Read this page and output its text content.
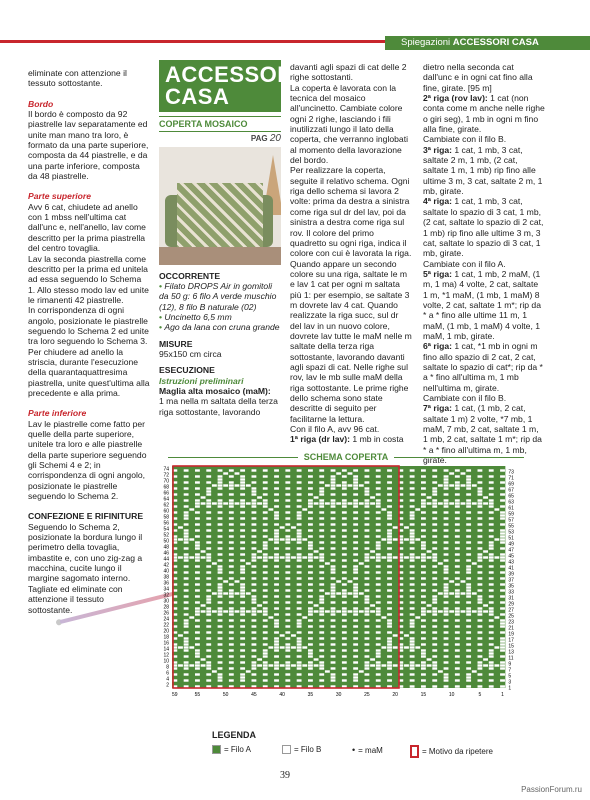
Spiegazioni ACCESSORI CASA

eliminate con attenzione il tessuto sottostante.

Bordo

Il bordo è composto da 92 piastrelle lav separatamente ed unite man mano tra loro, è formato da una parte superiore, composta da 44 piastrelle, e da una parte inferiore, composta da 48 piastrelle.

Parte superiore

Avv 6 cat, chiudete ad anello con 1 mbss nell'ultima cat dall'unc e, nell'anello, lav come descritto per la prima piastrella del centro tovaglia.

Lav la seconda piastrella come descritto per la prima ed unitela ad essa seguendo lo Schema 1. Allo stesso modo lav ed unite le rimanenti 42 piastrelle.

In corrispondenza di ogni angolo, posizionate le piastrelle seguendo lo Schema 2 ed unite tra loro seguendo lo Schema 3.

Per chiudere ad anello la striscia, durante l'esecuzione della quarantaquattresima piastrella, unite quest'ultima alla precedente e alla prima.

Parte inferiore

Lav le piastrelle come fatto per quelle della parte superiore, unitele tra loro e alle piastrelle della parte superiore seguendo gli Schemi 4 e 2; in corrispondenza di ogni angolo, posizionate le piastrelle seguendo lo Schema 2.

CONFEZIONE E RIFINITURE

Seguendo lo Schema 2, posizionate la bordura lungo il perimetro della tovaglia, imbastite e, con uno zig-zag a macchina, cucite lungo il margine sagomato interno. Tagliate ed eliminate con attenzione il tessuto sottostante.

ACCESSORI
CASA
COPERTA MOSAICO
PAG 20

OCCORRENTE

• Filato DROPS Air in gomitoli da 50 g: 6 filo A verde muschio (12), 8 filo B naturale (02)

• Uncinetto 6,5 mm

• Ago da lana con cruna grande

MISURE

95x150 cm circa

ESECUZIONE

Istruzioni preliminari

Maglia alta mosaico (maM):

1 ma nella m saltata della terza riga sottostante, lavorando

davanti agli spazi di cat delle 2 righe sottostanti.

La coperta è lavorata con la tecnica del mosaico all'uncinetto. Cambiate colore ogni 2 righe, lasciando i fili inutilizzati lungo il lato della coperta, che verranno inglobati al momento della lavorazione del bordo.

Per realizzare la coperta, seguite il relativo schema. Ogni riga dello schema si lavora 2 volte: prima da destra a sinistra come riga sul dr del lav, poi da sinistra a destra come riga sul rov. Il colore del primo quadretto su ogni riga, indica il colore con cui è lavorata la riga. Quando appare un secondo colore su una riga, saltate le m e lav 1 cat per ogni m saltata più 1: per esempio, se saltate 3 m dovrete lav 4 cat. Quando realizzate la riga succ, sul dr del lav in un nuovo colore, dovrete lav tutte le maM nelle m saltate della terza riga sottostante, lavorando davanti agli spazi di cat. Nelle righe sul rov, lav le mb sulle maM della riga sottostante. Le prime righe dello schema sono state descritte di seguito per facilitarne la lettura.

Con il filo A, avv 96 cat.

1ª riga (dr lav): 1 mb in costa

dietro nella seconda cat dall'unc e in ogni cat fino alla fine, girate. [95 m]

2ª riga (rov lav): 1 cat (non conta come m anche nelle righe o giri seg), 1 mb in ogni m fino alla fine, girate.

Cambiate con il filo B.

3ª riga: 1 cat, 1 mb, 3 cat, saltate 2 m, 1 mb, (2 cat, saltate 1 m, 1 mb) rip fino alle ultime 3 m, 3 cat, saltate 2 m, 1 mb, girate.

4ª riga: 1 cat, 1 mb, 3 cat, saltate lo spazio di 3 cat, 1 mb, (2 cat, saltate lo spazio di 2 cat, 1 mb) rip fino alle ultime 3 m, 3 cat, saltate lo spazio di 3 cat, 1 mb, girate.

Cambiate con il filo A.

5ª riga: 1 cat, 1 mb, 2 maM, (1 m, 1 ma) 4 volte, 2 cat, saltate 1 m, *1 maM, (1 mb, 1 maM) 8 volte, 2 cat, saltate 1 m*; rip da * a * fino alle ultime 11 m, 1 maM, (1 mb, 1 maM) 4 volte, 1 maM, 1 mb, girate.

6ª riga: 1 cat, *1 mb in ogni m fino allo spazio di 2 cat, 2 cat, saltate lo spazio di cat*; rip da * a * fino all'ultima m, 1 mb nell'ultima m, girate.

Cambiate con il filo B.

7ª riga: 1 cat, (1 mb, 2 cat, saltate 1 m) 2 volte, *7 mb, 1 maM, 7 mb, 2 cat, saltate 1 m, 1 mb, 2 cat, saltate 1 m*; rip da * a * fino all'ultima m, 1 mb, girate.

SCHEMA COPERTA
74
72
70
68
66
64
62
60
58
56
54
52
50
48
46
44
42
40
38
36
34
32
30
28
26
24
22
20
18
16
14
12
10
8
6
4
2
73
71
69
67
65
63
61
59
57
55
53
51
49
47
45
43
41
39
37
35
33
31
29
27
25
23
21
19
17
15
13
11
9
7
5
3
1
59	55	50	45	40	35	30	25	20	15	10	5	1
LEGENDA
= Filo A	= Filo B	• = maM	= Motivo da ripetere
39
PassionForum.ru
